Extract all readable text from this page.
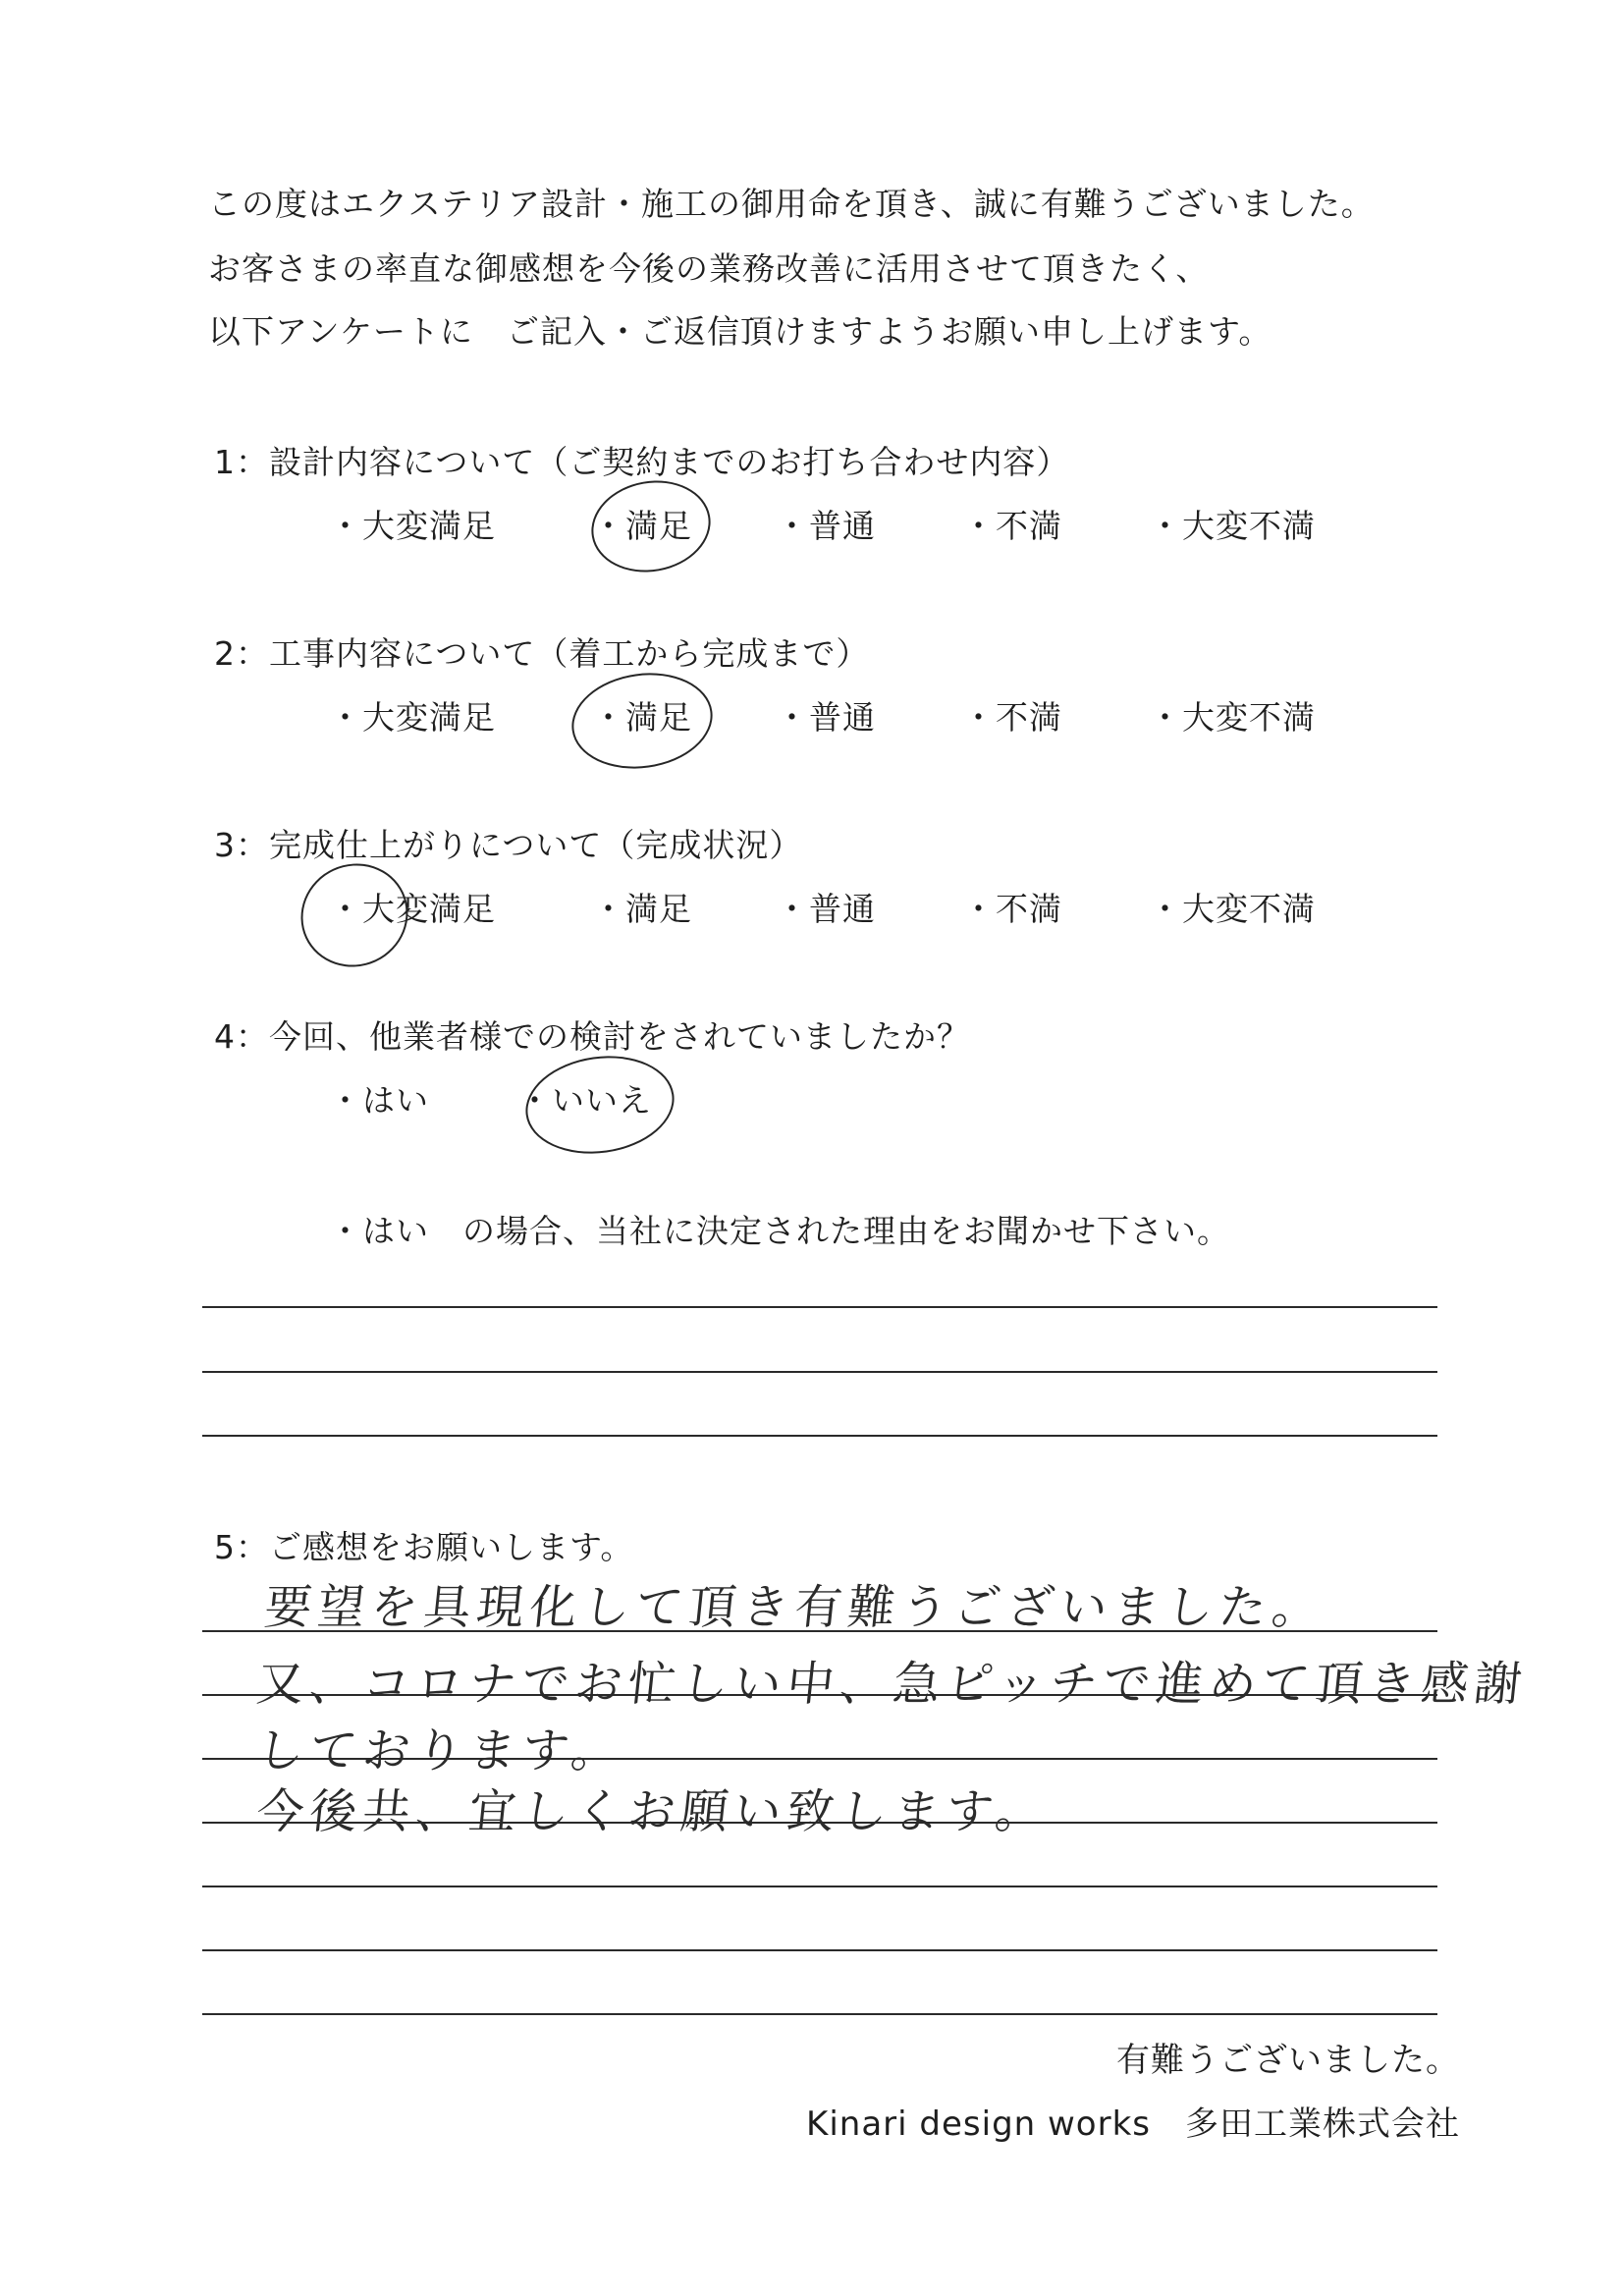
この度はエクステリア設計・施工の御用命を頂き、誠に有難うございました。
お客さまの率直な御感想を今後の業務改善に活用させて頂きたく、
以下アンケートに　ご記入・ご返信頂けますようお願い申し上げます。
1：設計内容について（ご契約までのお打ち合わせ内容）
・大変満足	・満足	・普通	・不満	・大変不満
2：工事内容について（着工から完成まで）
・大変満足	・満足	・普通	・不満	・大変不満
3：完成仕上がりについて（完成状況）
・大変満足	・満足	・普通	・不満	・大変不満
4：今回、他業者様での検討をされていましたか？
・はい	・いいえ
・はい　の場合、当社に決定された理由をお聞かせ下さい。
5：ご感想をお願いします。
要望を具現化して頂き有難うございました。
又、コロナでお忙しい中、急ピッチで進めて頂き感謝
しております。
今後共、宜しくお願い致します。
有難うございました。
Kinari design works　多田工業株式会社
